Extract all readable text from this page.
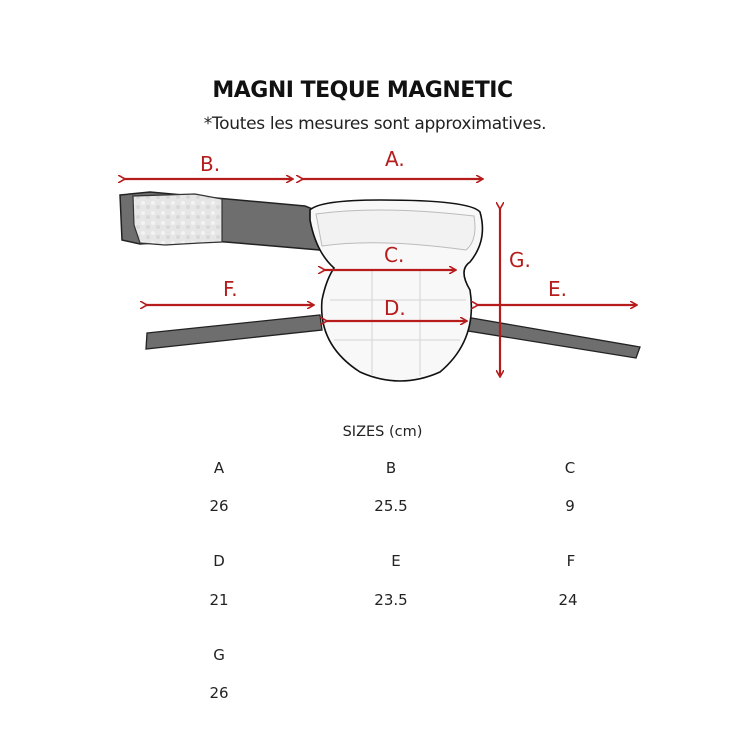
MAGNI TEQUE MAGNETIC
*Toutes les mesures sont approximatives.
B.	A.
C.
F.
D.
E.
G.
SIZES (cm)
A
26
B
25.5
C
9
D
21
E
23.5
F
24
G
26
